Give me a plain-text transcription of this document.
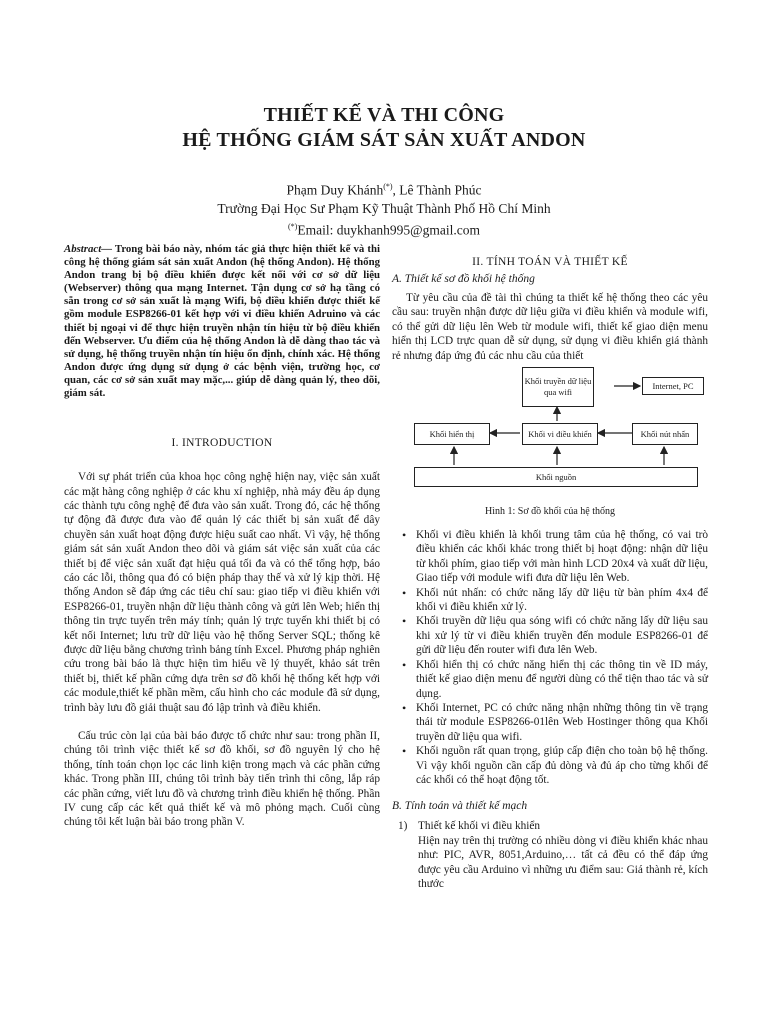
THIẾT KẾ VÀ THI CÔNG
HỆ THỐNG GIÁM SÁT SẢN XUẤT ANDON
Phạm Duy Khánh(*), Lê Thành Phúc
Trường Đại Học Sư Phạm Kỹ Thuật Thành Phố Hồ Chí Minh
(*)Email: duykhanh995@gmail.com
Abstract— Trong bài báo này, nhóm tác giả thực hiện thiết kế và thi công hệ thống giám sát sản xuất Andon (hệ thống Andon). Hệ thống Andon trang bị bộ điều khiển được kết nối với cơ sở dữ liệu (Webserver) thông qua mạng Internet. Tận dụng cơ sở hạ tầng có sẵn trong cơ sở sản xuất là mạng Wifi, bộ điều khiển được thiết kế gồm module ESP8266-01 kết hợp với vi điều khiển Adruino và các thiết bị ngoại vi để thực hiện truyền nhận tín hiệu từ bộ điều khiển đến Webserver. Ưu điểm của hệ thống Andon là dễ dàng thao tác và sử dụng, hệ thống truyền nhận tín hiệu ổn định, chính xác. Hệ thống Andon được ứng dụng sử dụng ở các bệnh viện, trường học, cơ quan, các cơ sở sản xuất may mặc,... giúp dễ dàng quản lý, theo dõi, giám sát.
I. INTRODUCTION

Với sự phát triển của khoa học công nghệ hiện nay, việc sản xuất các mặt hàng công nghiệp ở các khu xí nghiệp, nhà máy đều áp dụng các thành tựu công nghệ để đưa vào sản xuất. Trong đó, các hệ thống tự động đã được đưa vào để quản lý các thiết bị sản xuất để dây chuyền sản xuất hoạt động được hiệu suất cao nhất. Vì vậy, hệ thống giám sát sản xuất Andon theo dõi và giám sát việc sản xuất của các thiết bị để việc sản xuất đạt hiệu quả tối đa và có thể tổng hợp, báo cáo các lỗi, thông qua đó có biện pháp thay thế và xử lý kịp thời. Hệ thống Andon sẽ đáp ứng các tiêu chí sau: giao tiếp vi điều khiển với ESP8266-01, truyền nhận dữ liệu thành công và gửi lên Web; hiển thị thông tin trực tuyến trên máy tính; quản lý trực tuyến khi thiết bị có kết nối Internet; lưu trữ dữ liệu vào hệ thống Server SQL; thống kê được dữ liệu bằng chương trình bảng tính Excel. Phương pháp nghiên cứu trong bài báo là thực hiện tìm hiểu về lý thuyết, khảo sát trên thiết bị, thiết kế phần cứng dựa trên sơ đồ khối hệ thống kết hợp với các module,thiết kế phần mềm, cấu hình cho các module đã sử dụng, trình bày lưu đồ giải thuật sau đó lập trình và điều khiển.

Cấu trúc còn lại của bài báo được tổ chức như sau: trong phần II, chúng tôi trình việc thiết kế sơ đồ khối, sơ đồ nguyên lý cho hệ thống, tính toán chọn lọc các linh kiện trong mạch và các phần cứng khác. Trong phần III, chúng tôi trình bày tiến trình thi công, lắp ráp các phần cứng, viết lưu đồ và chương trình điều khiển hệ thống. Phần IV cung cấp các kết quả thiết kế và mô phỏng mạch. Cuối cùng chúng tôi kết luận bài báo trong phần V.

II. TÍNH TOÁN VÀ THIẾT KẾ
A. Thiết kế sơ đồ khối hệ thống

Từ yêu cầu của đề tài thì chúng ta thiết kế hệ thống theo các yêu cầu sau: truyền nhận được dữ liệu giữa vi điều khiển và module wifi, có thể gửi dữ liệu lên Web từ module wifi, thiết kế giao diện menu hiển thị LCD trực quan dễ sử dụng, sử dụng vi điều khiển giá thành rẻ nhưng đáp ứng đủ các nhu cầu của thiết

Khối truyền dữ liệu qua wifi
Internet, PC
Khối hiển thị	Khối vi điều khiển	Khối nút nhấn
Khối nguồn
Hình 1: Sơ đồ khối của hệ thống
• Khối vi điều khiển là khối trung tâm của hệ thống, có vai trò điều khiển các khối khác trong thiết bị hoạt động: nhận dữ liệu từ khối phím, giao tiếp với màn hình LCD 20x4 và xuất dữ liệu, Giao tiếp với module wifi đưa dữ liệu lên Web.
• Khối nút nhấn: có chức năng lấy dữ liệu từ bàn phím 4x4 để khối vi điều khiển xử lý.
• Khối truyền dữ liệu qua sóng wifi có chức năng lấy dữ liệu sau khi xử lý từ vi điều khiển truyền đến module ESP8266-01 để gửi dữ liệu đến router wifi đưa lên Web.
• Khối hiển thị có chức năng hiển thị các thông tin về ID máy, thiết kế giao diện menu để người dùng có thể tiện thao tác và sử dụng.
• Khối Internet, PC có chức năng nhận những thông tin về trạng thái từ module ESP8266-01lên Web Hostinger thông qua Khối truyền dữ liệu qua wifi.
• Khối nguồn rất quan trọng, giúp cấp điện cho toàn bộ hệ thống. Vì vậy khối nguồn cần cấp đủ dòng và đủ áp cho từng khối để các khối có thể hoạt động tốt.
B. Tính toán và thiết kế mạch
1) Thiết kế khối vi điều khiển
Hiện nay trên thị trường có nhiều dòng vi điều khiển khác nhau như: PIC, AVR, 8051,Arduino,… tất cả đều có thể đáp ứng được yêu cầu Arduino vì những ưu điểm sau: Giá thành rẻ, kích thước
